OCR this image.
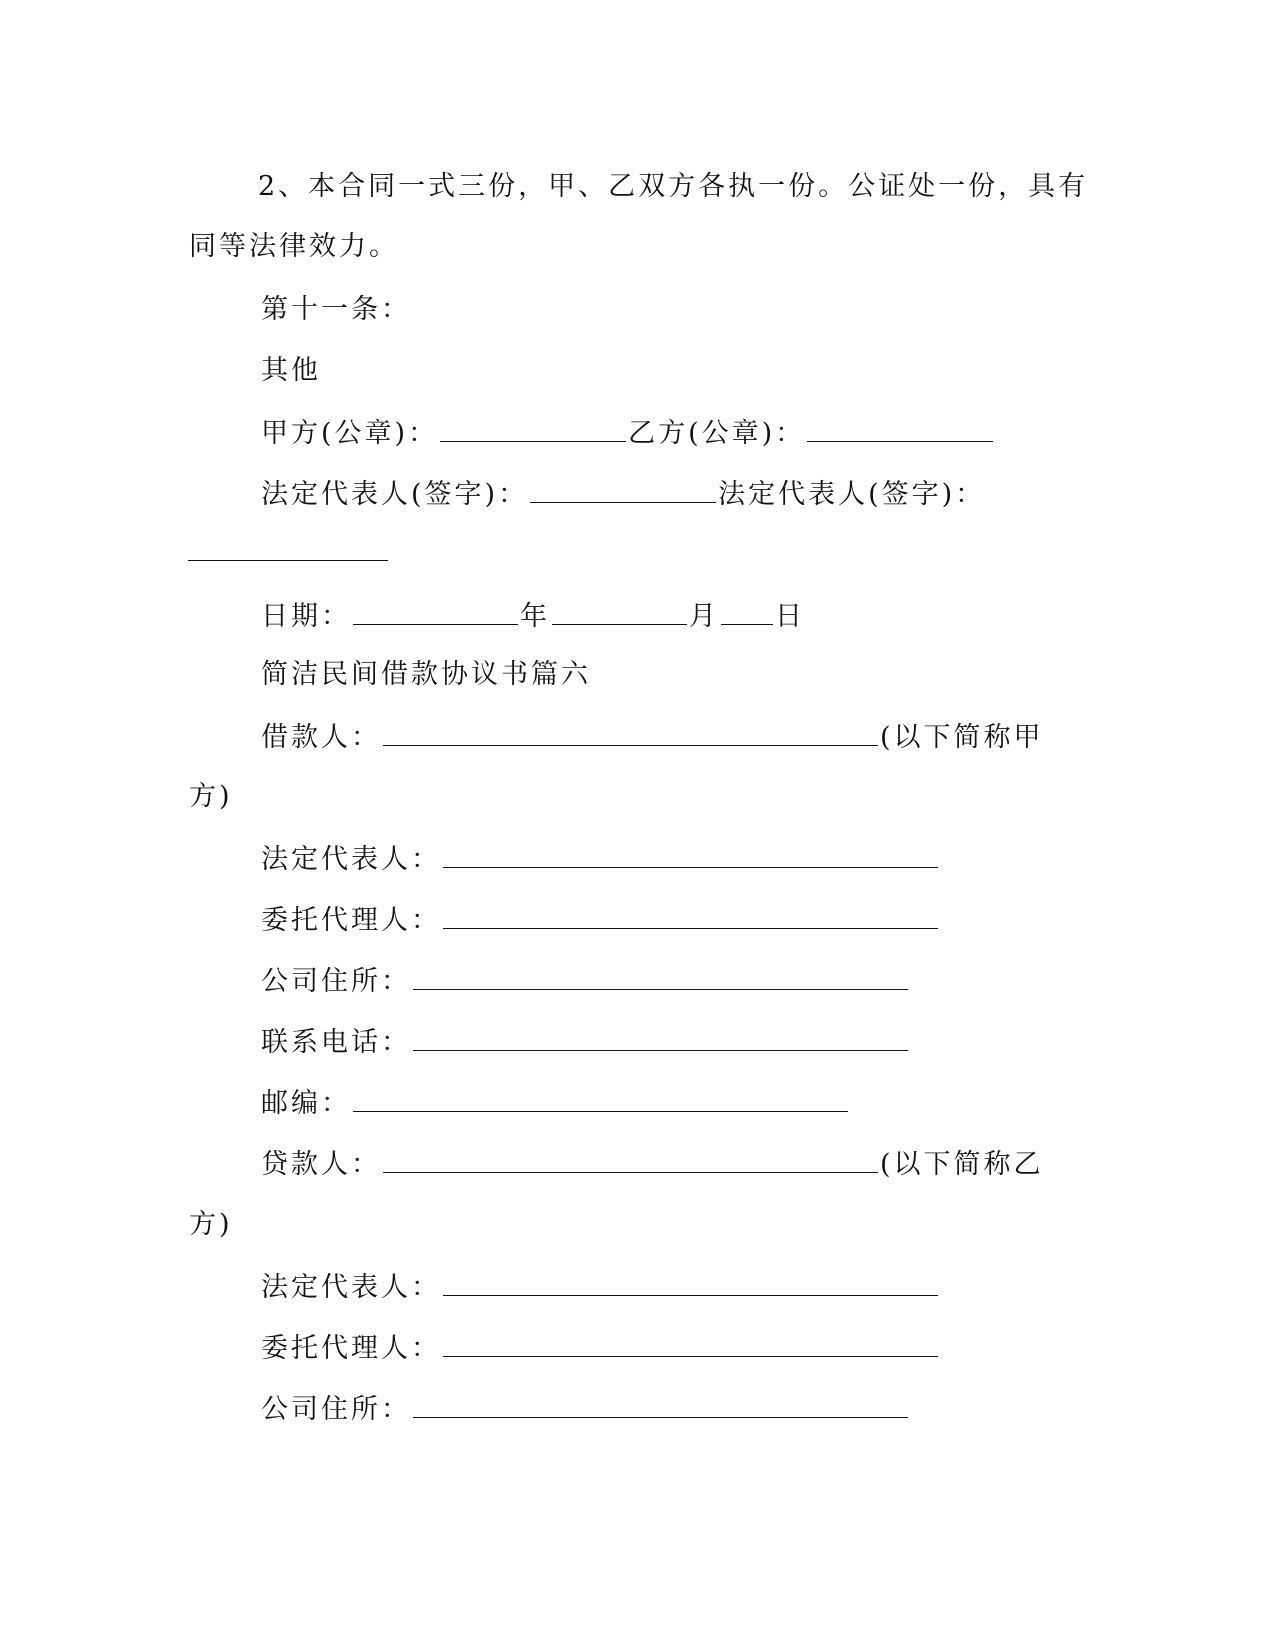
2、本合同一式三份，甲、乙双方各执一份。公证处一份，具有
同等法律效力。
第十一条：
其他
甲方(公章)：	乙方(公章)：
法定代表人(签字)：	法定代表人(签字)：
日期：	年	月 日
简洁民间借款协议书篇六
借款人：	(以下简称甲
方)
法定代表人：
委托代理人：
公司住所：
联系电话：
邮编：
贷款人：	(以下简称乙
方)
法定代表人：
委托代理人：
公司住所：
